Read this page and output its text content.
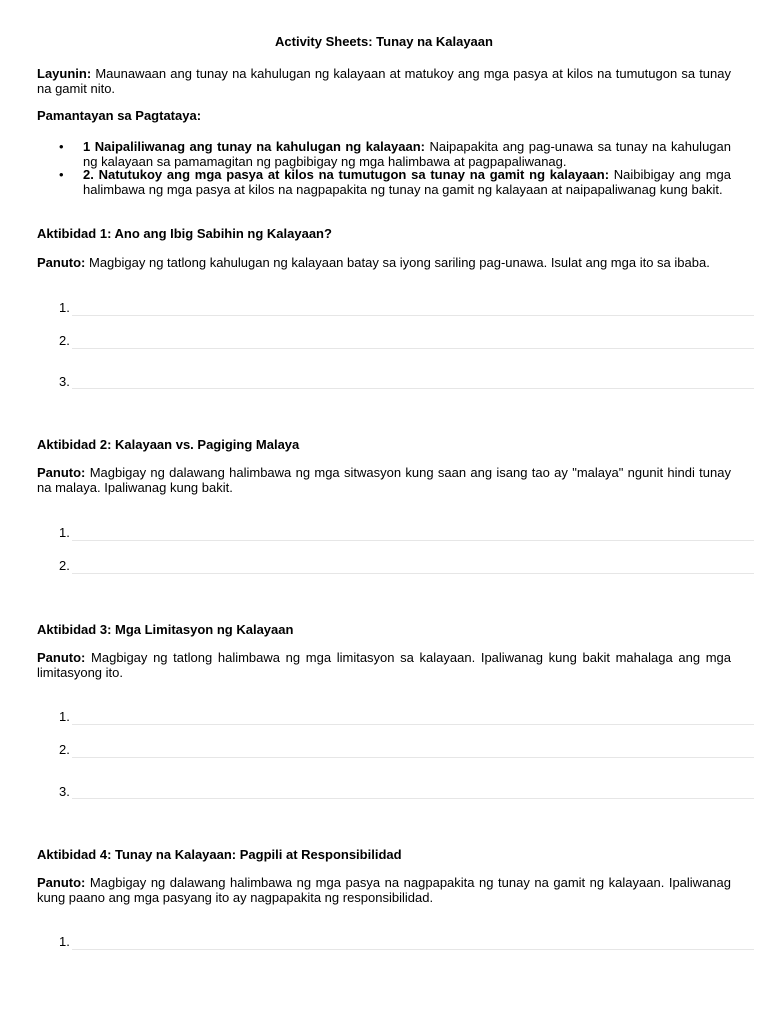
Activity Sheets: Tunay na Kalayaan
Layunin: Maunawaan ang tunay na kahulugan ng kalayaan at matukoy ang mga pasya at kilos na tumutugon sa tunay na gamit nito.
Pamantayan sa Pagtataya:
• 1 Naipaliliwanag ang tunay na kahulugan ng kalayaan: Naipapakita ang pag-unawa sa tunay na kahulugan ng kalayaan sa pamamagitan ng pagbibigay ng mga halimbawa at pagpapaliwanag.
• 2. Natutukoy ang mga pasya at kilos na tumutugon sa tunay na gamit ng kalayaan: Naibibigay ang mga halimbawa ng mga pasya at kilos na nagpapakita ng tunay na gamit ng kalayaan at naipapaliwanag kung bakit.
Aktibidad 1: Ano ang Ibig Sabihin ng Kalayaan?
Panuto: Magbigay ng tatlong kahulugan ng kalayaan batay sa iyong sariling pag-unawa. Isulat ang mga ito sa ibaba.
1.
2.
3.
Aktibidad 2: Kalayaan vs. Pagiging Malaya
Panuto: Magbigay ng dalawang halimbawa ng mga sitwasyon kung saan ang isang tao ay "malaya" ngunit hindi tunay na malaya. Ipaliwanag kung bakit.
1.
2.
Aktibidad 3: Mga Limitasyon ng Kalayaan
Panuto: Magbigay ng tatlong halimbawa ng mga limitasyon sa kalayaan. Ipaliwanag kung bakit mahalaga ang mga limitasyong ito.
1.
2.
3.
Aktibidad 4: Tunay na Kalayaan: Pagpili at Responsibilidad
Panuto: Magbigay ng dalawang halimbawa ng mga pasya na nagpapakita ng tunay na gamit ng kalayaan. Ipaliwanag kung paano ang mga pasyang ito ay nagpapakita ng responsibilidad.
1.
